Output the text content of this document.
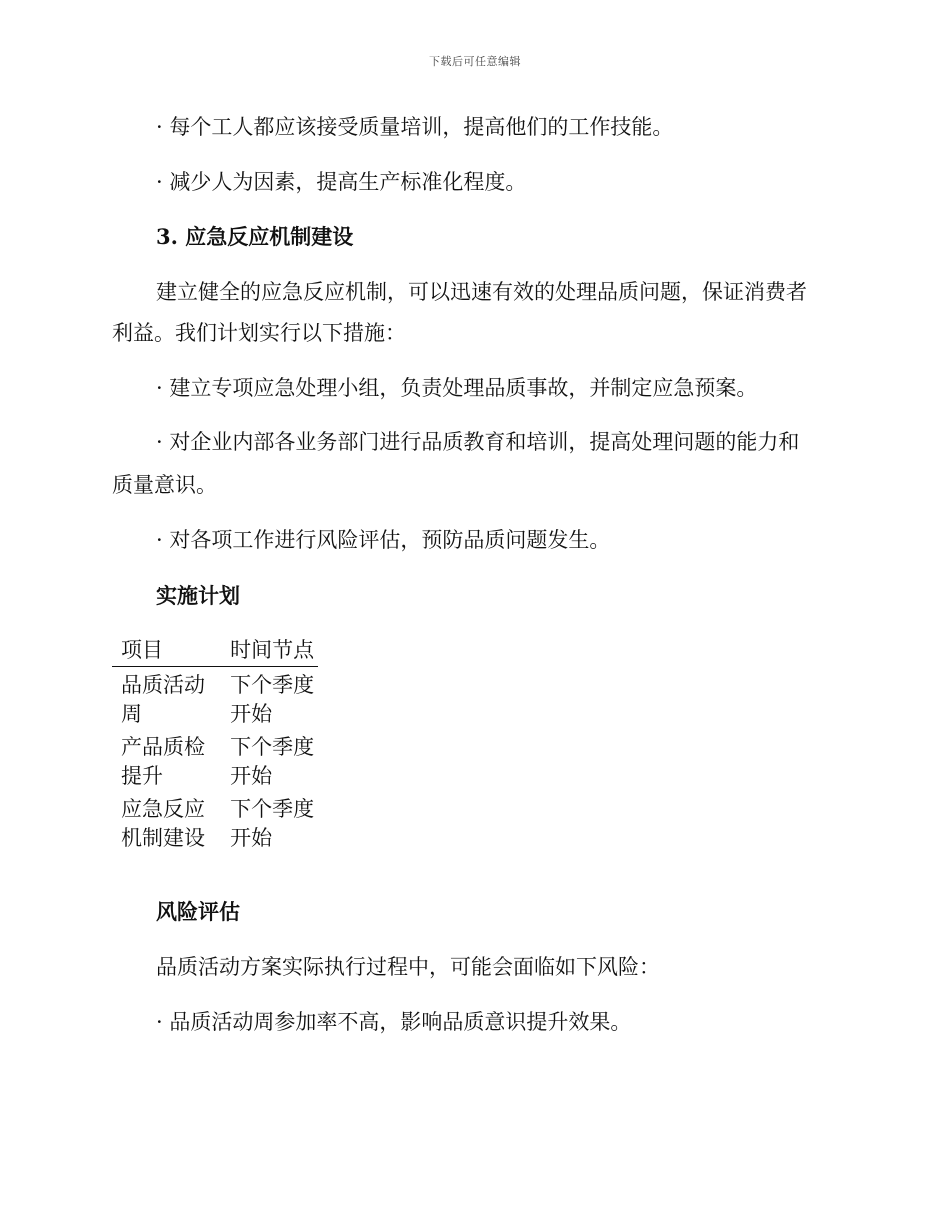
下载后可任意编辑
· 每个工人都应该接受质量培训，提高他们的工作技能。
· 减少人为因素，提高生产标准化程度。
3. 应急反应机制建设
建立健全的应急反应机制，可以迅速有效的处理品质问题，保证消费者
利益。我们计划实行以下措施：
· 建立专项应急处理小组，负责处理品质事故，并制定应急预案。
· 对企业内部各业务部门进行品质教育和培训，提高处理问题的能力和
质量意识。
· 对各项工作进行风险评估，预防品质问题发生。
实施计划
项目	时间节点
品质活动周	下个季度开始
产品质检提升	下个季度开始
应急反应机制建设	下个季度开始
风险评估
品质活动方案实际执行过程中，可能会面临如下风险：
· 品质活动周参加率不高，影响品质意识提升效果。
